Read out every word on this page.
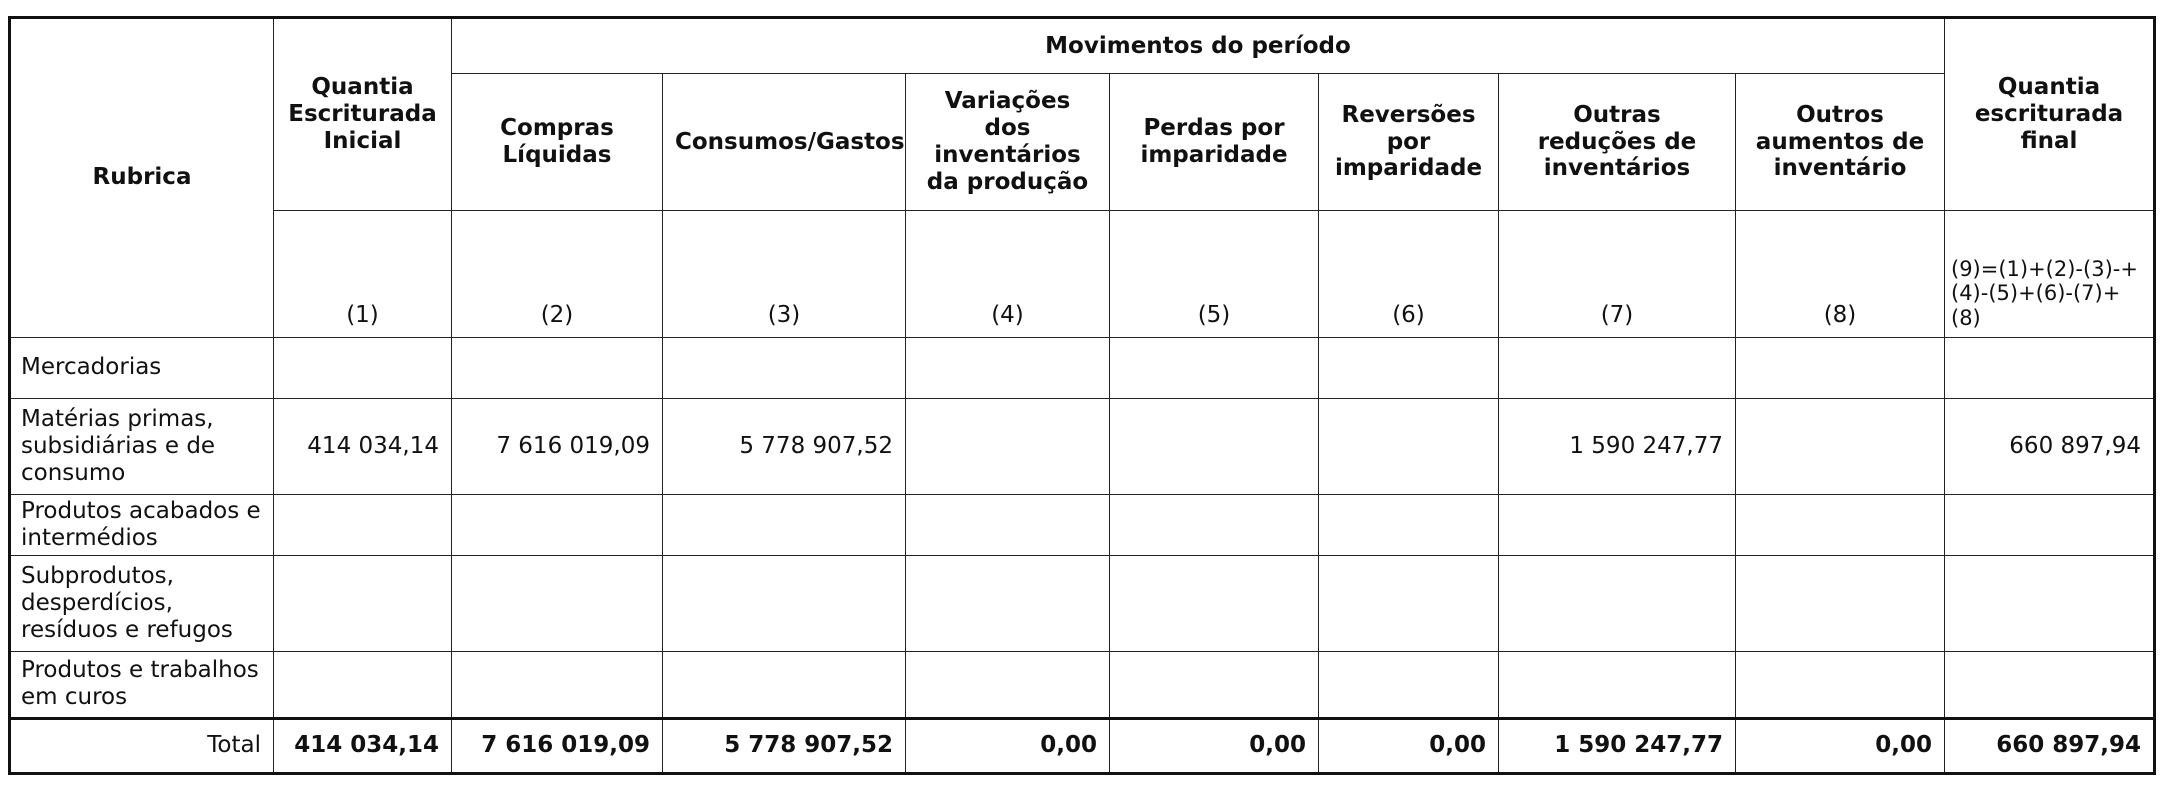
Rubrica	Quantia Escriturada Inicial	Movimentos do período							Quantia escriturada final
		Compras Líquidas	Consumos/Gastos	Variações dos inventários da produção	Perdas por imparidade	Reversões por imparidade	Outras reduções de inventários	Outros aumentos de inventário	
	(1)	(2)	(3)	(4)	(5)	(6)	(7)	(8)	(9)=(1)+(2)-(3)-+(4)-(5)+(6)-(7)+(8)
Mercadorias									
Matérias primas, subsidiárias e de consumo	414 034,14	7 616 019,09	5 778 907,52				1 590 247,77		660 897,94
Produtos acabados e intermédios									
Subprodutos, desperdícios, resíduos e refugos									
Produtos e trabalhos em curos									
Total	414 034,14	7 616 019,09	5 778 907,52	0,00	0,00	0,00	1 590 247,77	0,00	660 897,94
